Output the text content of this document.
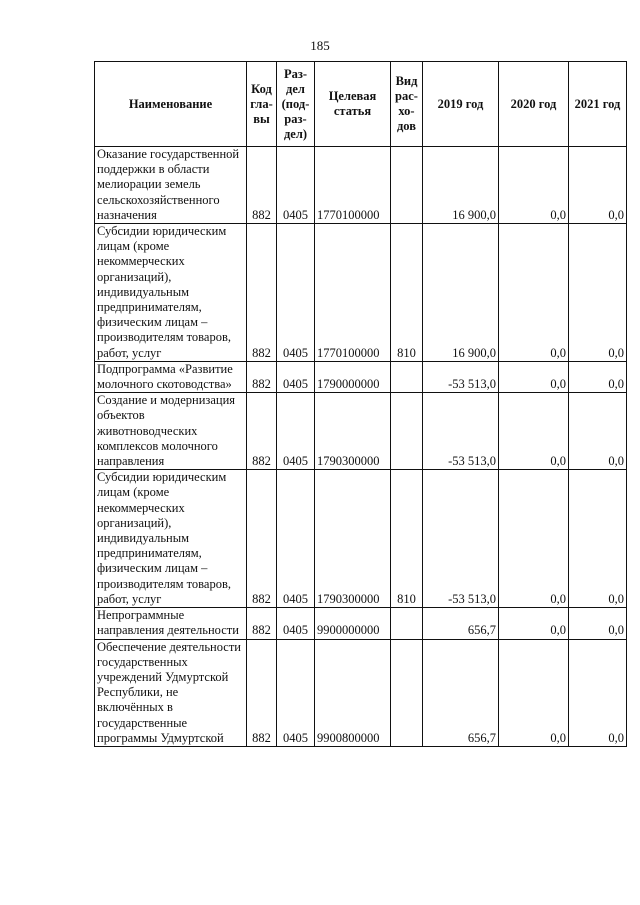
185
Наименование	Код гла-вы	Раз-дел (под-раз-дел)	Целевая статья	Вид рас-хо-дов	2019 год	2020 год	2021 год
Оказание государственной поддержки в области мелиорации земель сельскохозяйственного назначения	882	0405	1770100000		16 900,0	0,0	0,0
Субсидии юридическим лицам (кроме некоммерческих организаций), индивидуальным предпринимателям, физическим лицам – производителям товаров, работ, услуг	882	0405	1770100000	810	16 900,0	0,0	0,0
Подпрограмма «Развитие молочного скотоводства»	882	0405	1790000000		-53 513,0	0,0	0,0
Создание и модернизация объектов животноводческих комплексов молочного направления	882	0405	1790300000		-53 513,0	0,0	0,0
Субсидии юридическим лицам (кроме некоммерческих организаций), индивидуальным предпринимателям, физическим лицам – производителям товаров, работ, услуг	882	0405	1790300000	810	-53 513,0	0,0	0,0
Непрограммные направления деятельности	882	0405	9900000000		656,7	0,0	0,0
Обеспечение деятельности государственных учреждений Удмуртской Республики, не включённых в государственные программы Удмуртской	882	0405	9900800000		656,7	0,0	0,0
